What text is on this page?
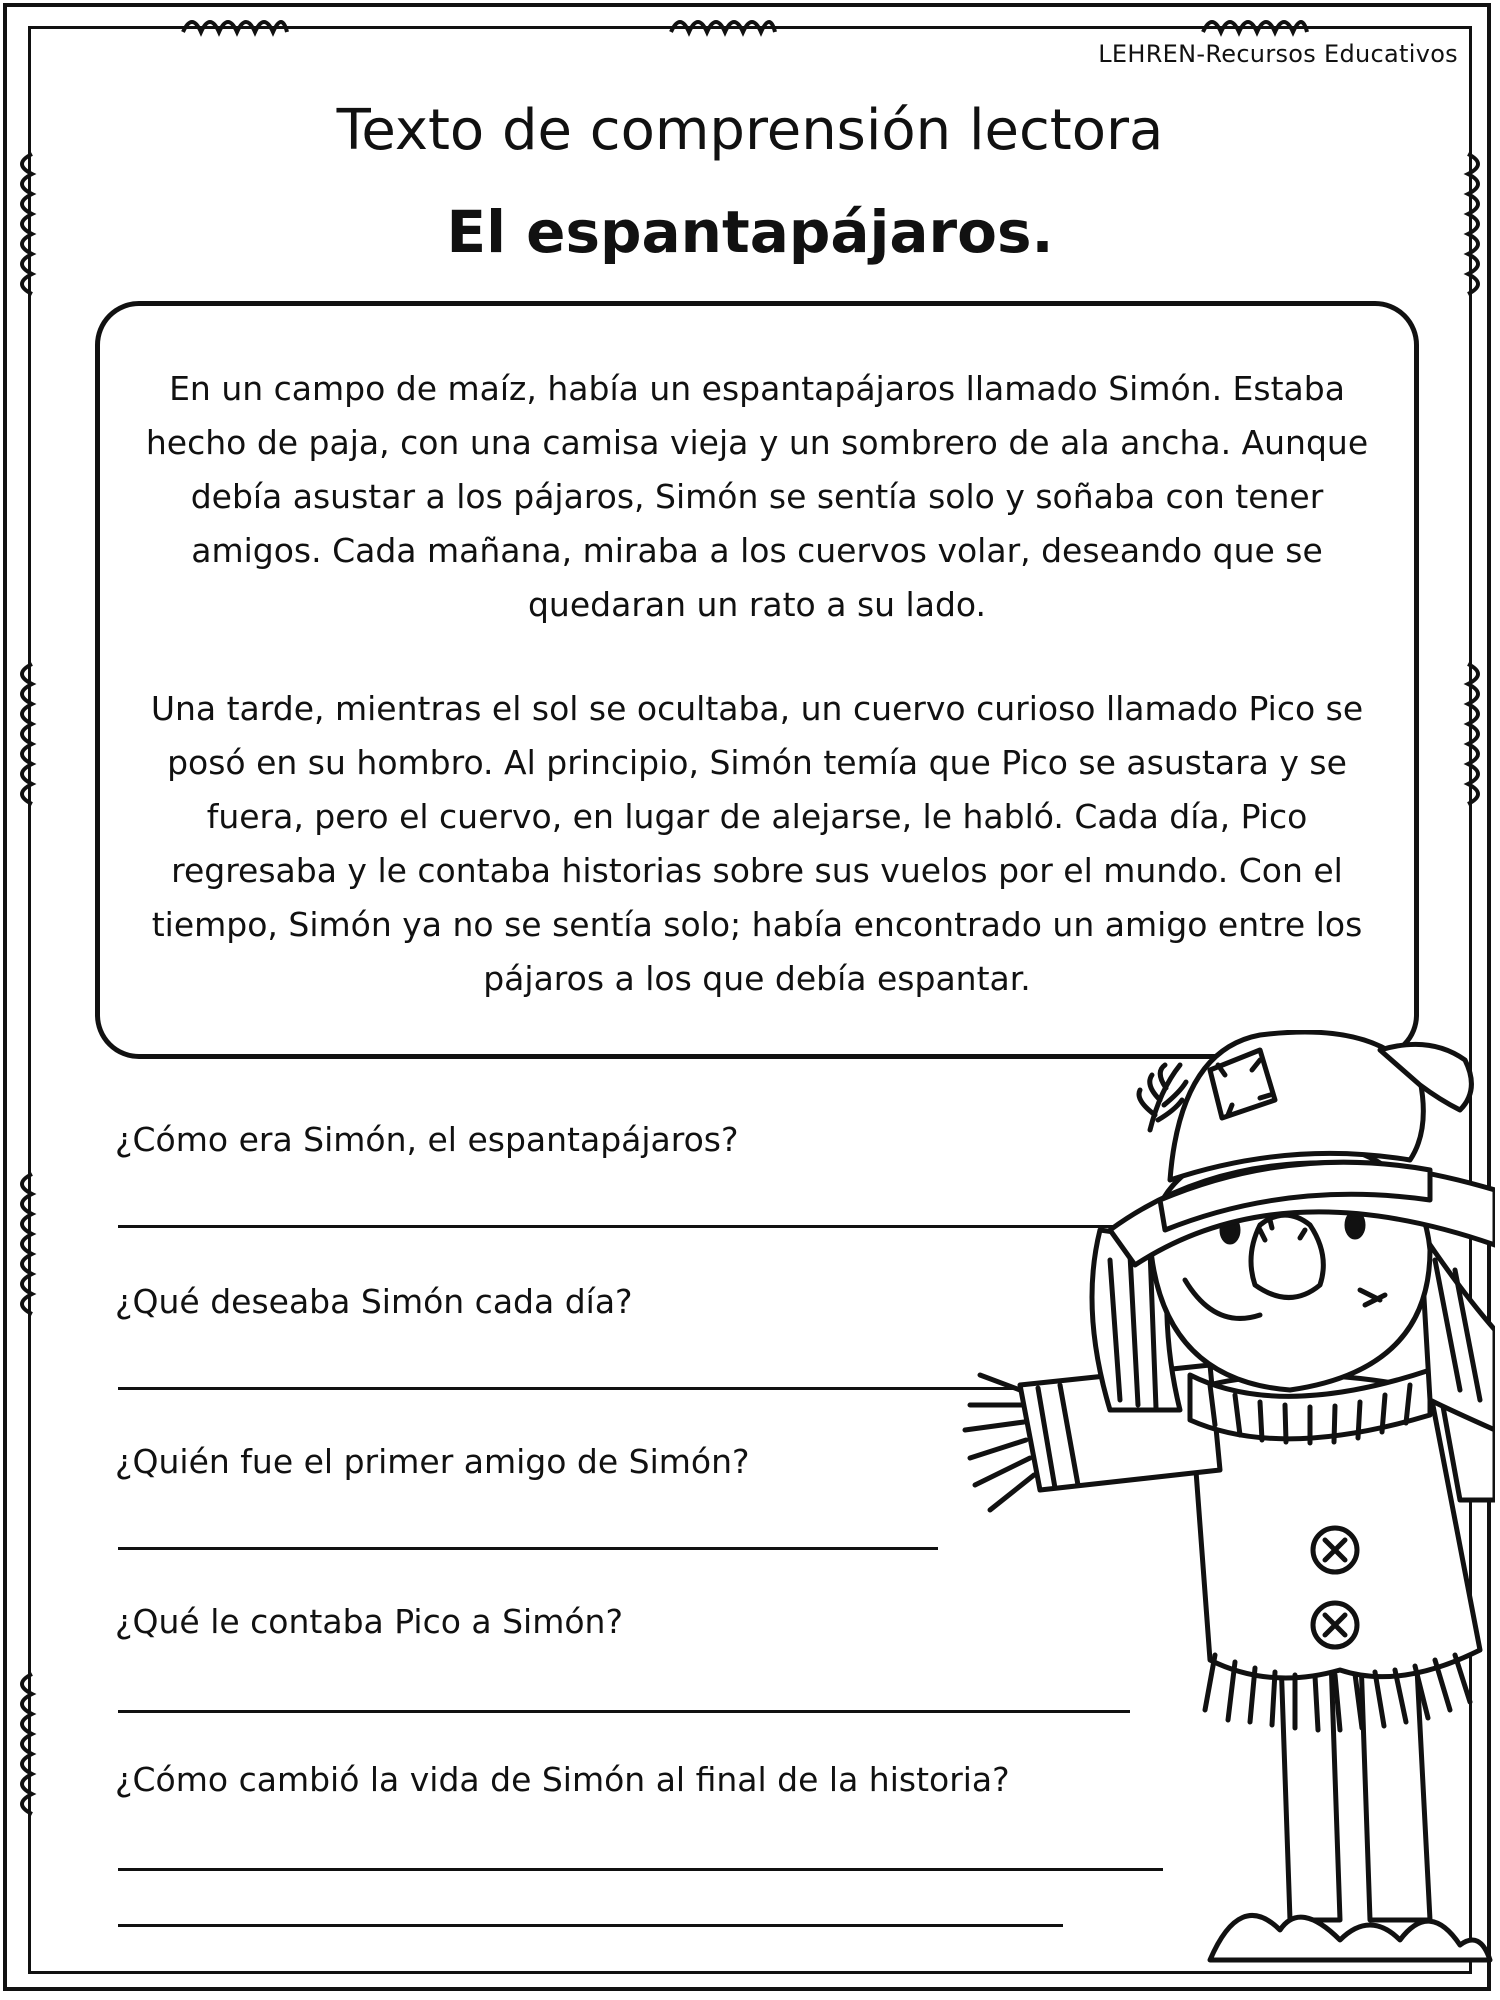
LEHREN-Recursos Educativos
Texto de comprensión lectora
El espantapájaros.

En un campo de maíz, había un espantapájaros llamado Simón. Estaba hecho de paja, con una camisa vieja y un sombrero de ala ancha. Aunque debía asustar a los pájaros, Simón se sentía solo y soñaba con tener amigos. Cada mañana, miraba a los cuervos volar, deseando que se quedaran un rato a su lado.

Una tarde, mientras el sol se ocultaba, un cuervo curioso llamado Pico se posó en su hombro. Al principio, Simón temía que Pico se asustara y se fuera, pero el cuervo, en lugar de alejarse, le habló. Cada día, Pico regresaba y le contaba historias sobre sus vuelos por el mundo. Con el tiempo, Simón ya no se sentía solo; había encontrado un amigo entre los pájaros a los que debía espantar.

¿Cómo era Simón, el espantapájaros?

¿Qué deseaba Simón cada día?

¿Quién fue el primer amigo de Simón?

¿Qué le contaba Pico a Simón?

¿Cómo cambió la vida de Simón al final de la historia?
